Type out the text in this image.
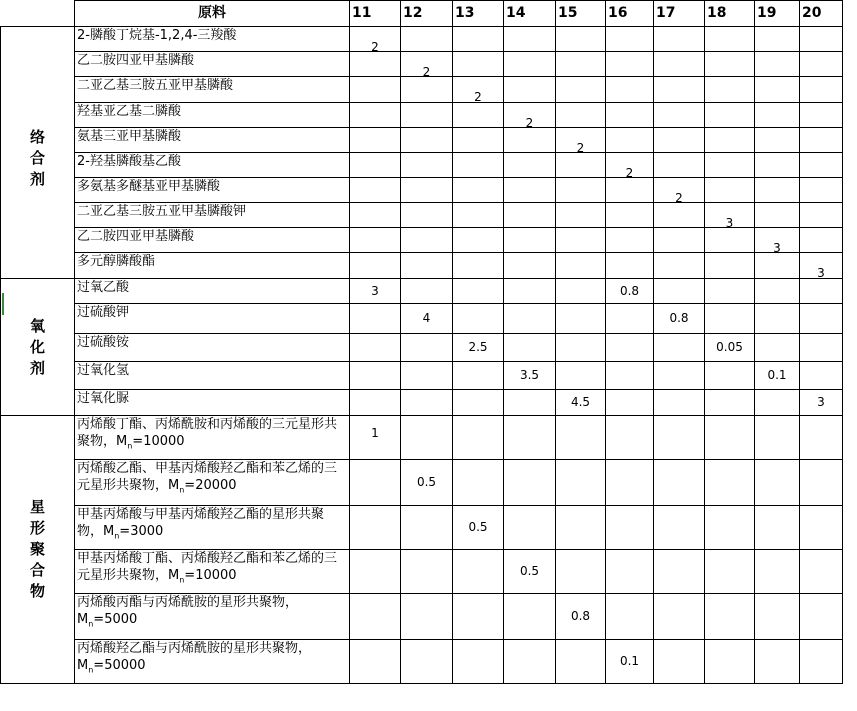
	原料	11	12	13	14	15	16	17	18	19	20
络合剂	2-膦酸丁烷基-1,2,4-三羧酸	2									
	乙二胺四亚甲基膦酸		2								
	二亚乙基三胺五亚甲基膦酸			2							
	羟基亚乙基二膦酸				2						
	氨基三亚甲基膦酸					2					
	2-羟基膦酸基乙酸						2				
	多氨基多醚基亚甲基膦酸							2			
	二亚乙基三胺五亚甲基膦酸钾								3		
	乙二胺四亚甲基膦酸									3	
	多元醇膦酸酯										3
氧化剂	过氧乙酸	3					0.8				
	过硫酸钾		4					0.8			
	过硫酸铵			2.5					0.05		
	过氧化氢				3.5					0.1	
	过氧化脲					4.5					3
星形聚合物	丙烯酸丁酯、丙烯酰胺和丙烯酸的三元星形共聚物，$M_n=10000$	1									
	丙烯酸乙酯、甲基丙烯酸羟乙酯和苯乙烯的三元星形共聚物，$M_n=20000$		0.5								
	甲基丙烯酸与甲基丙烯酸羟乙酯的星形共聚物，$M_n=3000$			0.5							
	甲基丙烯酸丁酯、丙烯酸羟乙酯和苯乙烯的三元星形共聚物，$M_n=10000$				0.5						
	丙烯酸丙酯与丙烯酰胺的星形共聚物，$M_n=5000$					0.8					
	丙烯酸羟乙酯与丙烯酰胺的星形共聚物，$M_n=50000$						0.1				
